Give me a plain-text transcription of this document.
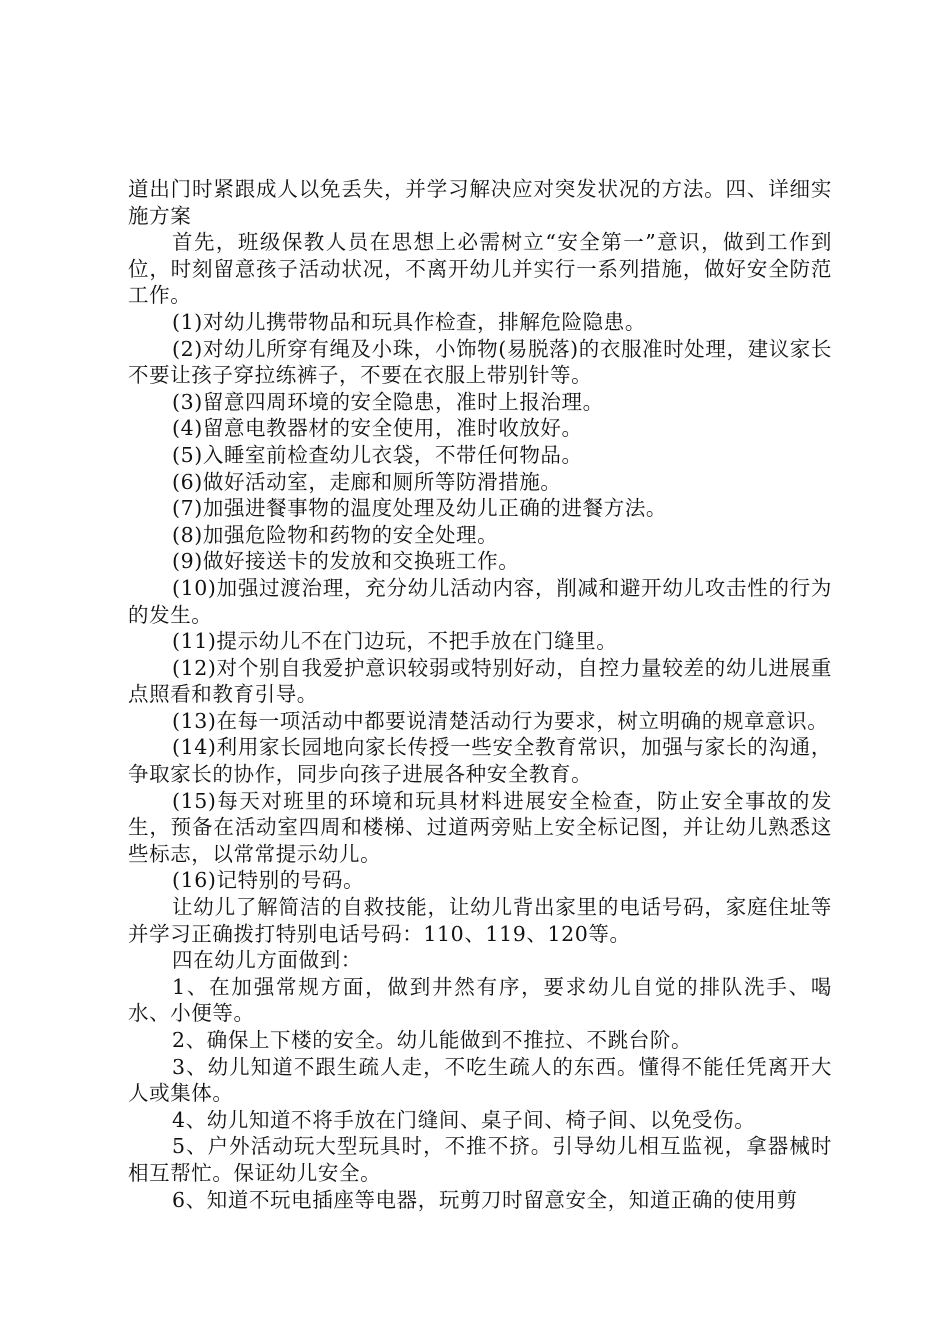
道出门时紧跟成人以免丢失，并学习解决应对突发状况的方法。四、详细实施方案

首先，班级保教人员在思想上必需树立“安全第一”意识，做到工作到位，时刻留意孩子活动状况，不离开幼儿并实行一系列措施，做好安全防范工作。

(1)对幼儿携带物品和玩具作检查，排解危险隐患。

(2)对幼儿所穿有绳及小珠，小饰物(易脱落)的衣服准时处理，建议家长不要让孩子穿拉练裤子，不要在衣服上带别针等。

(3)留意四周环境的安全隐患，准时上报治理。

(4)留意电教器材的安全使用，准时收放好。

(5)入睡室前检查幼儿衣袋，不带任何物品。

(6)做好活动室，走廊和厕所等防滑措施。

(7)加强进餐事物的温度处理及幼儿正确的进餐方法。

(8)加强危险物和药物的安全处理。

(9)做好接送卡的发放和交换班工作。

(10)加强过渡治理，充分幼儿活动内容，削减和避开幼儿攻击性的行为的发生。

(11)提示幼儿不在门边玩，不把手放在门缝里。

(12)对个别自我爱护意识较弱或特别好动，自控力量较差的幼儿进展重点照看和教育引导。

(13)在每一项活动中都要说清楚活动行为要求，树立明确的规章意识。

(14)利用家长园地向家长传授一些安全教育常识，加强与家长的沟通，争取家长的协作，同步向孩子进展各种安全教育。

(15)每天对班里的环境和玩具材料进展安全检查，防止安全事故的发生，预备在活动室四周和楼梯、过道两旁贴上安全标记图，并让幼儿熟悉这些标志，以常常提示幼儿。

(16)记特别的号码。

让幼儿了解简洁的自救技能，让幼儿背出家里的电话号码，家庭住址等并学习正确拨打特别电话号码：110、119、120等。

四在幼儿方面做到：

1、在加强常规方面，做到井然有序，要求幼儿自觉的排队洗手、喝水、小便等。

2、确保上下楼的安全。幼儿能做到不推拉、不跳台阶。

3、幼儿知道不跟生疏人走，不吃生疏人的东西。懂得不能任凭离开大人或集体。

4、幼儿知道不将手放在门缝间、桌子间、椅子间、以免受伤。

5、户外活动玩大型玩具时，不推不挤。引导幼儿相互监视，拿器械时相互帮忙。保证幼儿安全。

6、知道不玩电插座等电器，玩剪刀时留意安全，知道正确的使用剪
